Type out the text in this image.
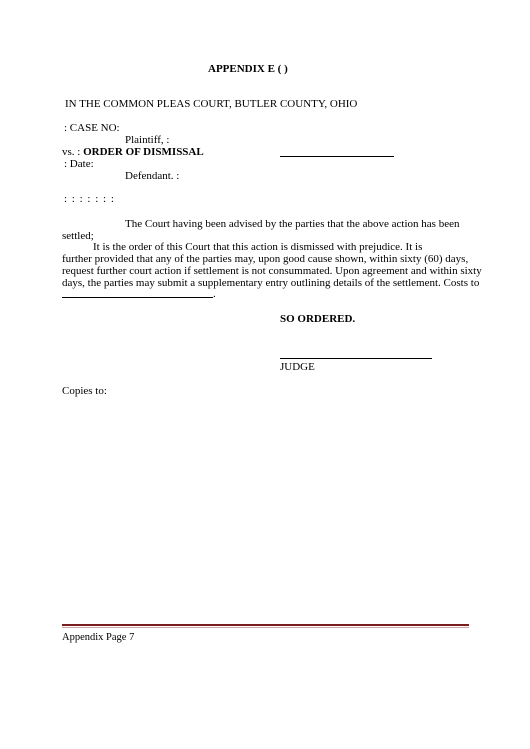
APPENDIX E ( )
IN THE COMMON PLEAS COURT, BUTLER COUNTY, OHIO
: CASE NO:
Plaintiff, :
vs. : ORDER OF DISMISSAL
: Date:
Defendant. :
: : : : : : :
The Court having been advised by the parties that the above action has been
settled;
It is the order of this Court that this action is dismissed with prejudice. It is
further provided that any of the parties may, upon good cause shown, within sixty (60) days,
request further court action if settlement is not consummated. Upon agreement and within sixty
days, the parties may submit a supplementary entry outlining details of the settlement. Costs to
.
SO ORDERED.
JUDGE
Copies to:
Appendix Page 7
